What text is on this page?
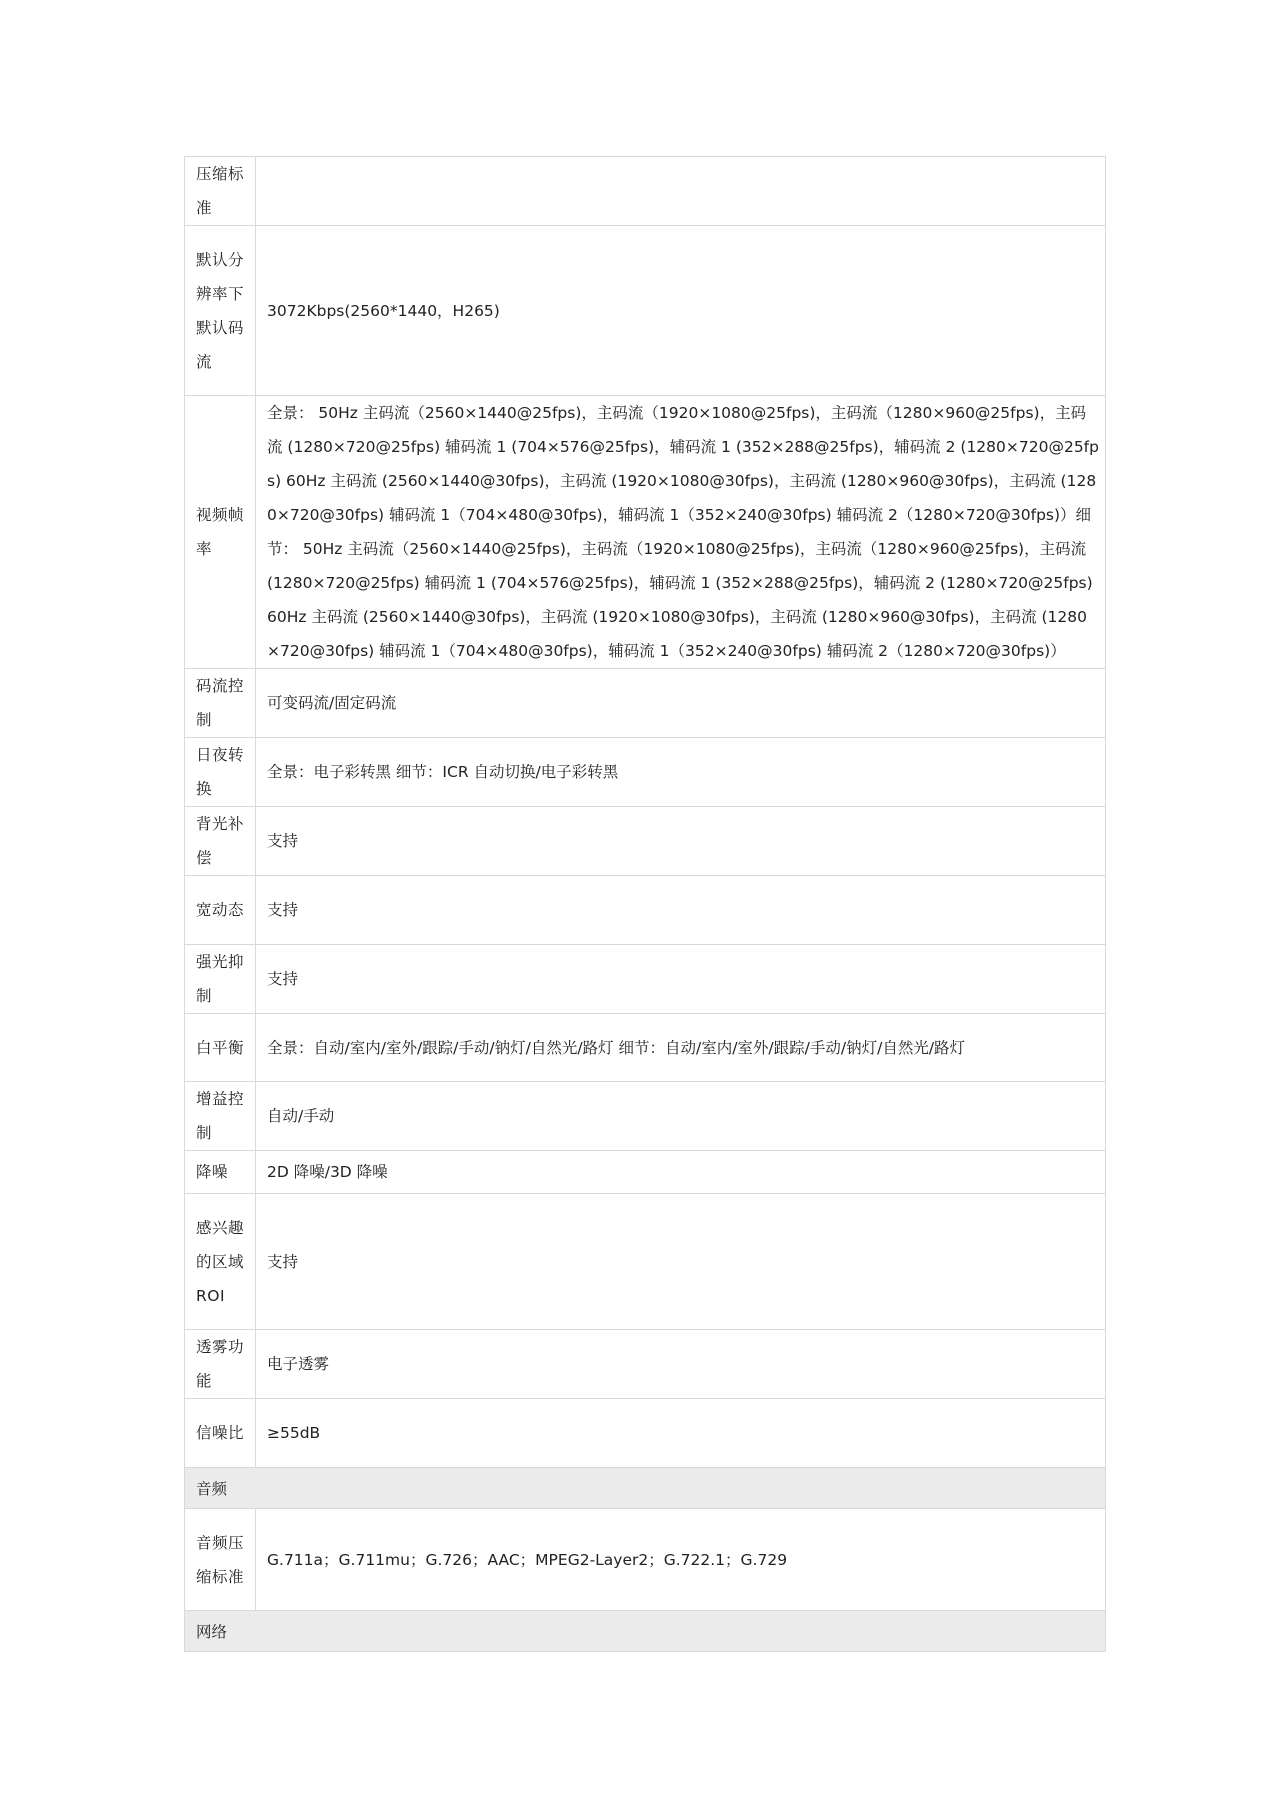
压缩标准	
默认分辨率下默认码流	3072Kbps(2560*1440，H265)
视频帧率	全景： 50Hz 主码流（2560×1440@25fps)，主码流（1920×1080@25fps)，主码流（1280×960@25fps)，主码流 (1280×720@25fps) 辅码流 1 (704×576@25fps)，辅码流 1 (352×288@25fps)，辅码流 2 (1280×720@25fps) 60Hz 主码流 (2560×1440@30fps)，主码流 (1920×1080@30fps)，主码流 (1280×960@30fps)，主码流 (1280×720@30fps) 辅码流 1（704×480@30fps)，辅码流 1（352×240@30fps) 辅码流 2（1280×720@30fps)）细节： 50Hz 主码流（2560×1440@25fps)，主码流（1920×1080@25fps)，主码流（1280×960@25fps)，主码流 (1280×720@25fps) 辅码流 1 (704×576@25fps)，辅码流 1 (352×288@25fps)，辅码流 2 (1280×720@25fps) 60Hz 主码流 (2560×1440@30fps)，主码流 (1920×1080@30fps)，主码流 (1280×960@30fps)，主码流 (1280×720@30fps) 辅码流 1（704×480@30fps)，辅码流 1（352×240@30fps) 辅码流 2（1280×720@30fps)）
码流控制	可变码流/固定码流
日夜转换	全景：电子彩转黑 细节：ICR 自动切换/电子彩转黑
背光补偿	支持
宽动态	支持
强光抑制	支持
白平衡	全景：自动/室内/室外/跟踪/手动/钠灯/自然光/路灯 细节：自动/室内/室外/跟踪/手动/钠灯/自然光/路灯
增益控制	自动/手动
降噪	2D 降噪/3D 降噪
感兴趣的区域ROI	支持
透雾功能	电子透雾
信噪比	≥55dB
音频	
音频压缩标准	G.711a；G.711mu；G.726；AAC；MPEG2-Layer2；G.722.1；G.729
网络	
